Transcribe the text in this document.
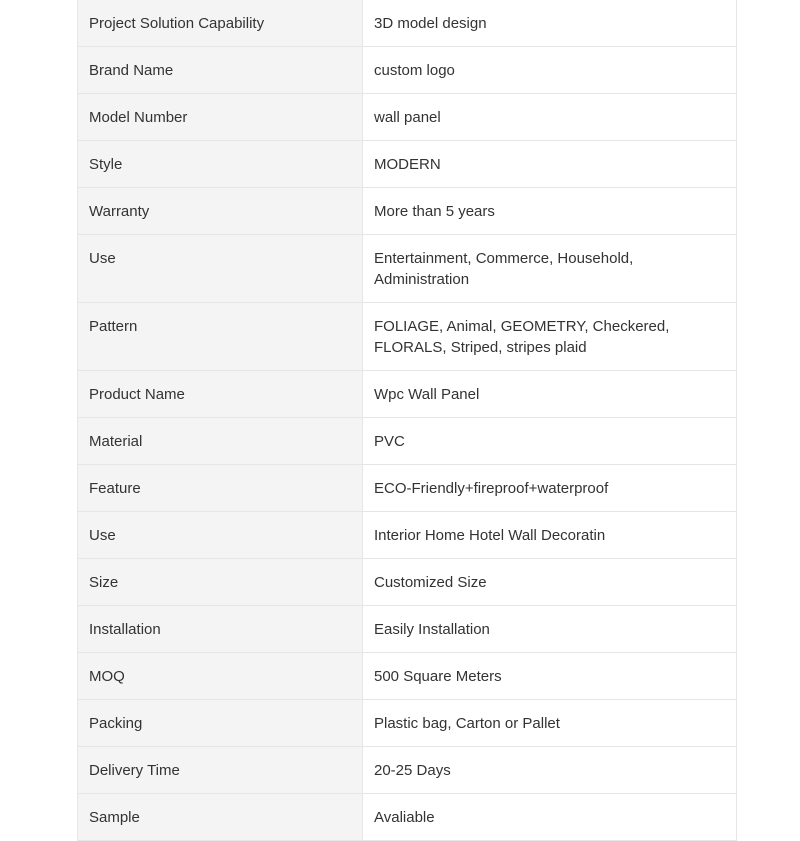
Project Solution Capability	3D model design
Brand Name	custom logo
Model Number	wall panel
Style	MODERN
Warranty	More than 5 years
Use	Entertainment, Commerce, Household, Administration
Pattern	FOLIAGE, Animal, GEOMETRY, Checkered, FLORALS, Striped, stripes plaid
Product Name	Wpc Wall Panel
Material	PVC
Feature	ECO-Friendly+fireproof+waterproof
Use	Interior Home Hotel Wall Decoratin
Size	Customized Size
Installation	Easily Installation
MOQ	500 Square Meters
Packing	Plastic bag, Carton or Pallet
Delivery Time	20-25 Days
Sample	Avaliable
